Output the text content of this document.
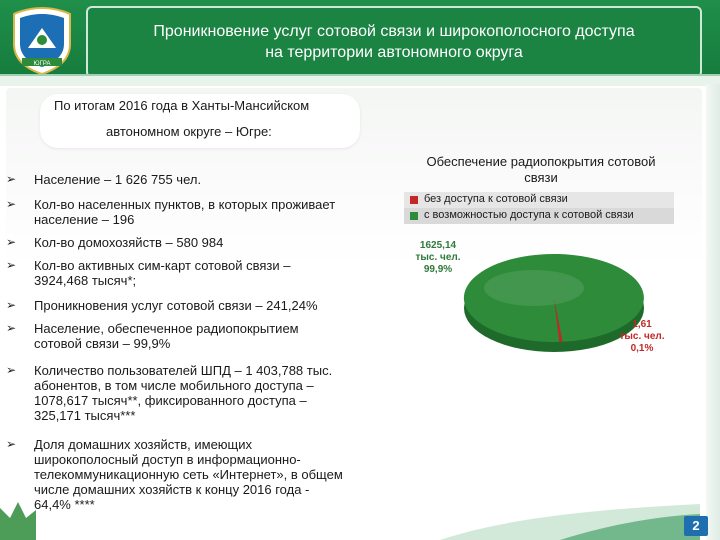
ЮГРА
Проникновение услуг сотовой связи и широкополосного доступа
на территории автономного округа
По итогам 2016 года в Ханты-Мансийском
автономном округе – Югре:
➢ Население – 1 626 755 чел.
➢ Кол-во населенных пунктов, в которых проживает
население – 196
➢ Кол-во домохозяйств – 580 984
➢ Кол-во активных сим-карт сотовой связи –
3924,468 тысяч*;
➢ Проникновения услуг сотовой связи – 241,24%
➢ Население, обеспеченное радиопокрытием
сотовой связи – 99,9%
➢ Количество пользователей ШПД – 1 403,788 тыс.
абонентов, в том числе мобильного доступа –
1078,617 тысяч**, фиксированного доступа –
325,171 тысяч***
➢ Доля домашних хозяйств, имеющих
широкополосный доступ в информационно-
телекоммуникационную сеть «Интернет», в общем
числе домашних хозяйств к концу 2016 года -
64,4% ****
Обеспечение радиопокрытия сотовой
связи
без доступа к сотовой связи
с возможностью доступа к сотовой связи
1625,14
тыс. чел.
99,9%
1,61
тыс. чел.
0,1%
2
